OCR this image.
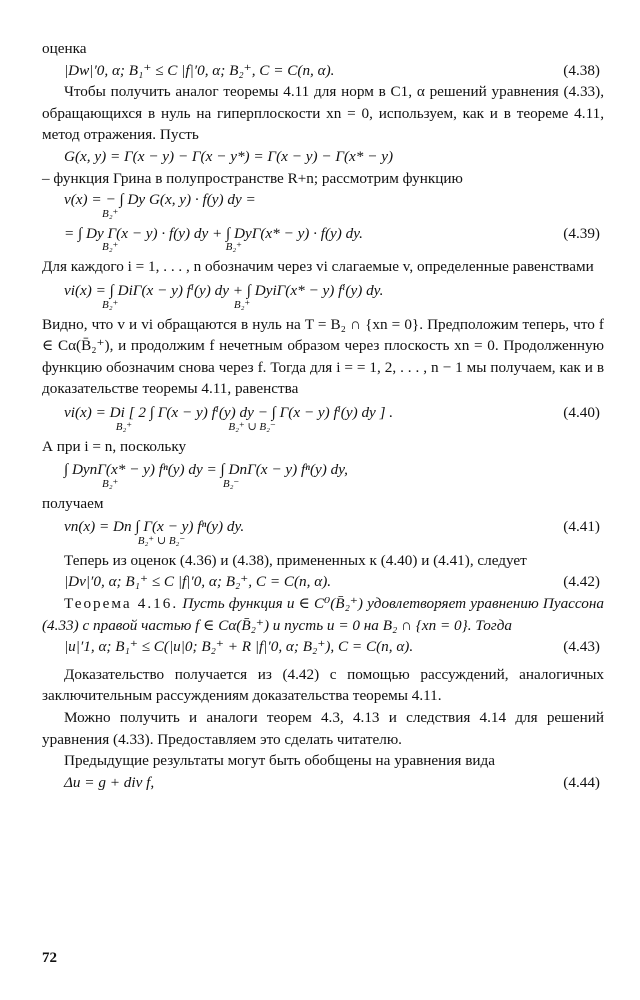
оценка

|Dw|′0, α; B₁⁺ ≤ C |f|′0, α; B₂⁺, C = C(n, α).	(4.38)

Чтобы получить аналог теоремы 4.11 для норм в C1, α решений уравнения (4.33), обращающихся в нуль на гиперплоскости xn = 0, используем, как и в теореме 4.11, метод отражения. Пусть

G(x, y) = Γ(x − y) − Γ(x − y*) = Γ(x − y) − Γ(x* − y)

– функция Грина в полупространстве R+n; рассмотрим функцию

v(x) = − ∫ Dy G(x, y) · f(y) dy =
B₂⁺
= ∫ Dy Γ(x − y) · f(y) dy + ∫ DyΓ(x* − y) · f(y) dy.	(4.39)
B₂⁺                                       B₂⁺

Для каждого i = 1, . . . , n обозначим через vi слагаемые v, определенные равенствами

vi(x) = ∫ DiΓ(x − y) fⁱ(y) dy + ∫ DyiΓ(x* − y) fⁱ(y) dy.
B₂⁺                                          B₂⁺

Видно, что v и vi обращаются в нуль на T = B₂ ∩ {xn = 0}. Предположим теперь, что f ∈ Cα(B̄₂⁺), и продолжим f нечетным образом через плоскость xn = 0. Продолженную функцию обозначим снова через f. Тогда для i = = 1, 2, . . . , n − 1 мы получаем, как и в доказательстве теоремы 4.11, равенства

vi(x) = Di [ 2 ∫ Γ(x − y) fⁱ(y) dy − ∫ Γ(x − y) fⁱ(y) dy ] .	(4.40)
B₂⁺                                   B₂⁺ ∪ B₂⁻

А при i = n, поскольку

∫ DynΓ(x* − y) fⁿ(y) dy = ∫ DnΓ(x − y) fⁿ(y) dy,
B₂⁺                                      B₂⁻

получаем

vn(x) = Dn ∫ Γ(x − y) fⁿ(y) dy.	(4.41)
B₂⁺ ∪ B₂⁻

Теперь из оценок (4.36) и (4.38), примененных к (4.40) и (4.41), следует

|Dv|′0, α; B₁⁺ ≤ C |f|′0, α; B₂⁺, C = C(n, α).	(4.42)

Теорема 4.16. Пусть функция u ∈ C⁰(B̄₂⁺) удовлетворяет уравнению Пуассона (4.33) с правой частью f ∈ Cα(B̄₂⁺) и пусть u = 0 на B₂ ∩ {xn = 0}. Тогда

|u|′1, α; B₁⁺ ≤ C(|u|0; B₂⁺ + R |f|′0, α; B₂⁺), C = C(n, α).	(4.43)

Доказательство получается из (4.42) с помощью рассуждений, аналогичных заключительным рассуждениям доказательства теоремы 4.11.

Можно получить и аналоги теорем 4.3, 4.13 и следствия 4.14 для решений уравнения (4.33). Предоставляем это сделать читателю.

Предыдущие результаты могут быть обобщены на уравнения вида

Δu = g + div f,	(4.44)
72
